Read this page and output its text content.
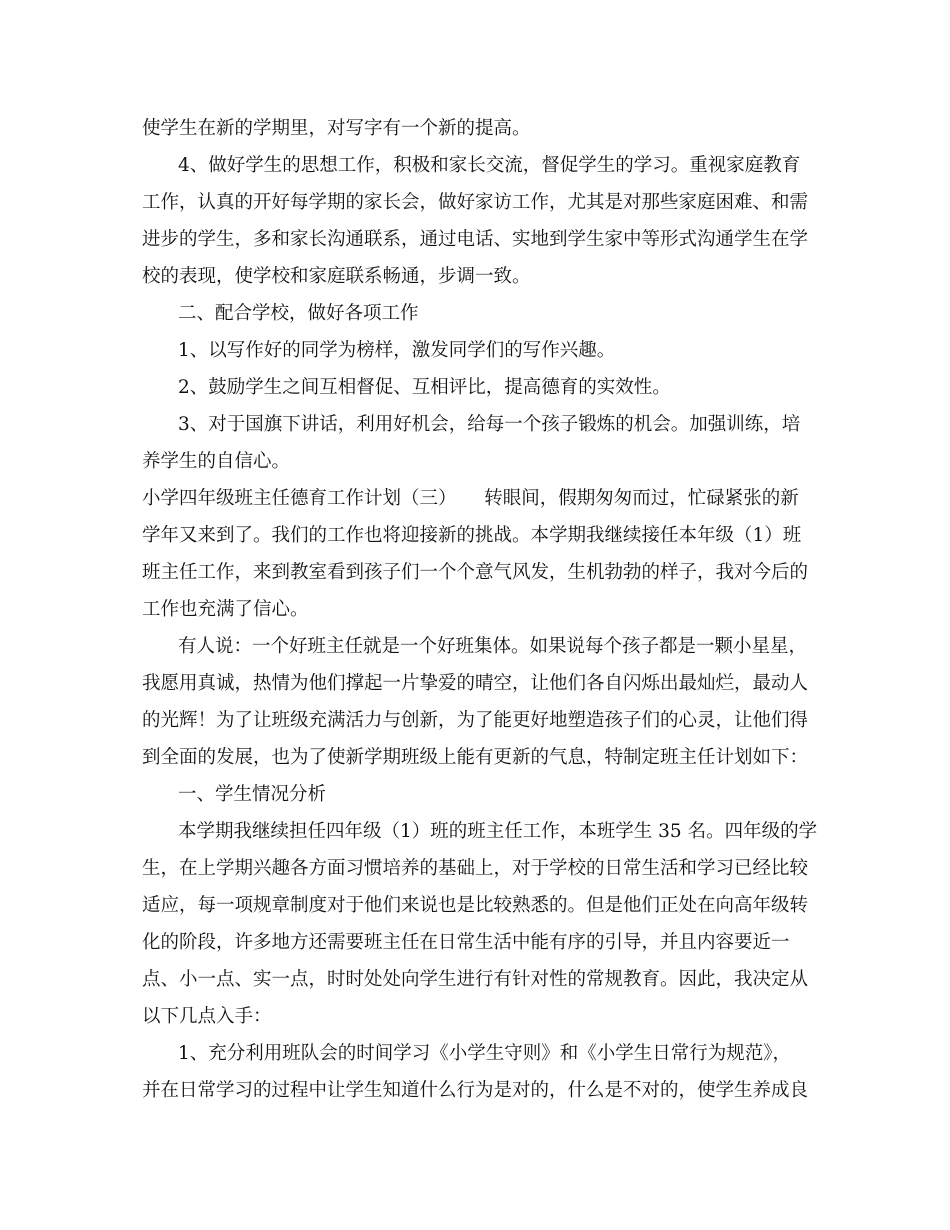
使学生在新的学期里，对写字有一个新的提高。
4、做好学生的思想工作，积极和家长交流，督促学生的学习。重视家庭教育
工作，认真的开好每学期的家长会，做好家访工作，尤其是对那些家庭困难、和需
进步的学生，多和家长沟通联系，通过电话、实地到学生家中等形式沟通学生在学
校的表现，使学校和家庭联系畅通，步调一致。
二、配合学校，做好各项工作
1、以写作好的同学为榜样，激发同学们的写作兴趣。
2、鼓励学生之间互相督促、互相评比，提高德育的实效性。
3、对于国旗下讲话，利用好机会，给每一个孩子锻炼的机会。加强训练，培
养学生的自信心。
小学四年级班主任德育工作计划（三）　　转眼间，假期匆匆而过，忙碌紧张的新
学年又来到了。我们的工作也将迎接新的挑战。本学期我继续接任本年级（1）班
班主任工作，来到教室看到孩子们一个个意气风发，生机勃勃的样子，我对今后的
工作也充满了信心。
有人说：一个好班主任就是一个好班集体。如果说每个孩子都是一颗小星星，
我愿用真诚，热情为他们撑起一片挚爱的晴空，让他们各自闪烁出最灿烂，最动人
的光辉！为了让班级充满活力与创新，为了能更好地塑造孩子们的心灵，让他们得
到全面的发展，也为了使新学期班级上能有更新的气息，特制定班主任计划如下：
一、学生情况分析
本学期我继续担任四年级（1）班的班主任工作，本班学生 35 名。四年级的学
生，在上学期兴趣各方面习惯培养的基础上，对于学校的日常生活和学习已经比较
适应，每一项规章制度对于他们来说也是比较熟悉的。但是他们正处在向高年级转
化的阶段，许多地方还需要班主任在日常生活中能有序的引导，并且内容要近一
点、小一点、实一点，时时处处向学生进行有针对性的常规教育。因此，我决定从
以下几点入手：
1、充分利用班队会的时间学习《小学生守则》和《小学生日常行为规范》，
并在日常学习的过程中让学生知道什么行为是对的，什么是不对的，使学生养成良
